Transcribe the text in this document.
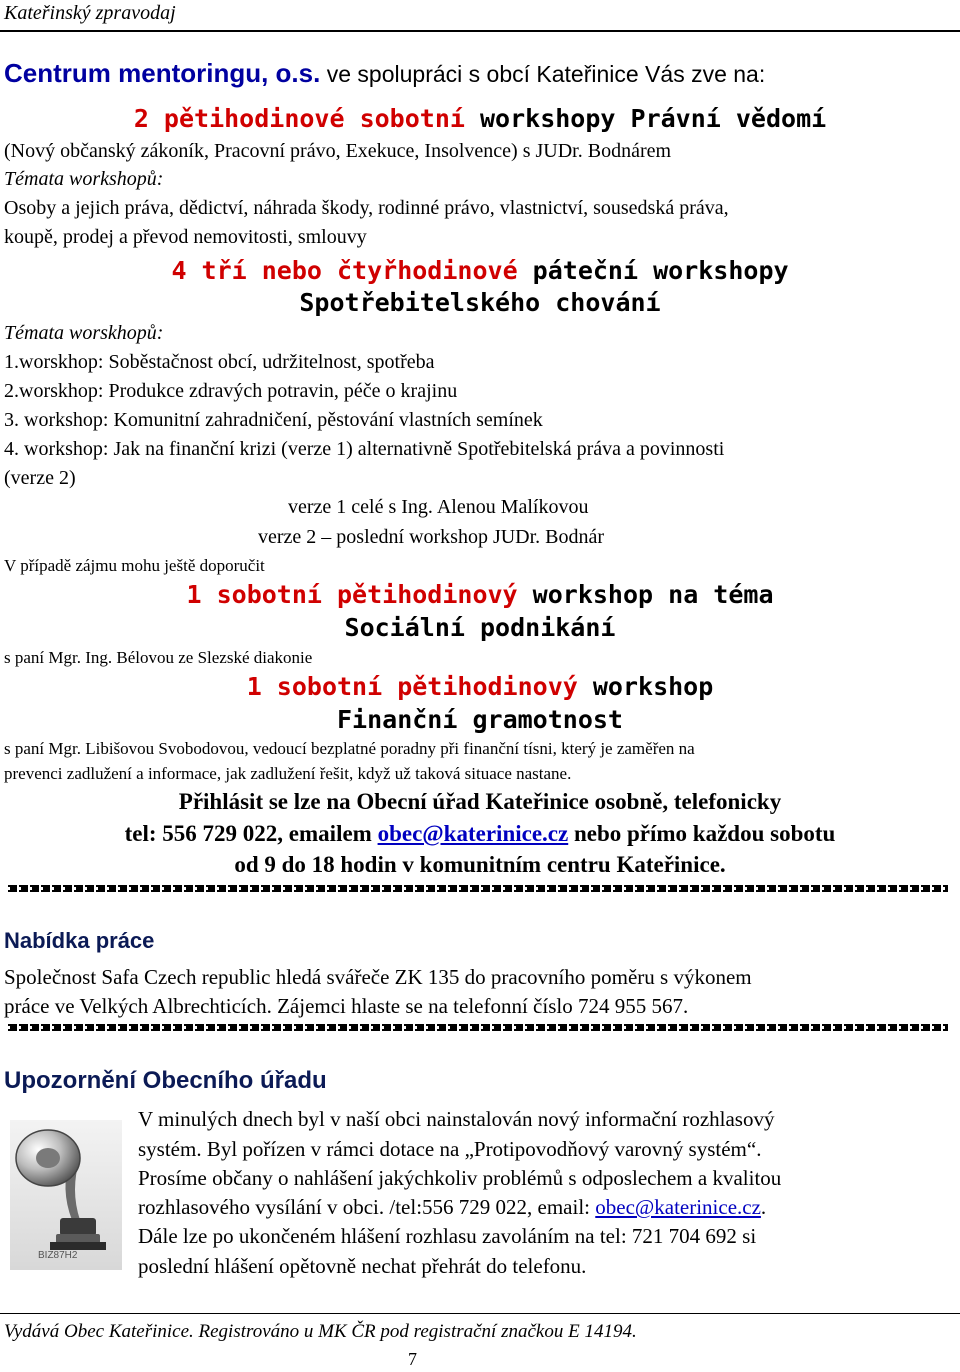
Kateřinský zpravodaj
Centrum mentoringu, o.s. ve spolupráci s obcí Kateřinice Vás zve na:
2 pětihodinové sobotní workshopy Právní vědomí
(Nový občanský zákoník, Pracovní právo, Exekuce, Insolvence) s JUDr. Bodnárem
Témata workshopů:
Osoby a jejich práva, dědictví, náhrada škody, rodinné právo, vlastnictví, sousedská práva,
koupě, prodej a převod nemovitosti, smlouvy
4 tří nebo čtyřhodinové páteční workshopy
Spotřebitelského chování
Témata worskhopů:
1.worskhop: Soběstačnost obcí, udržitelnost, spotřeba
2.worskhop: Produkce zdravých potravin, péče o krajinu
3. workshop: Komunitní zahradničení, pěstování vlastních semínek
4. workshop: Jak na finanční krizi (verze 1) alternativně Spotřebitelská práva a povinnosti
(verze 2)
verze 1 celé s Ing. Alenou Malíkovou
verze 2 – poslední workshop JUDr. Bodnár
V případě zájmu mohu ještě doporučit
1 sobotní pětihodinový workshop na téma
Sociální podnikání
s paní Mgr. Ing. Bélovou ze Slezské diakonie
1 sobotní pětihodinový workshop
Finanční gramotnost
s paní Mgr. Libišovou Svobodovou, vedoucí bezplatné poradny při finanční tísni, který je zaměřen na
prevenci zadlužení a informace, jak zadlužení řešit, když už taková situace nastane.
Přihlásit se lze na Obecní úřad Kateřinice osobně, telefonicky
tel: 556 729 022, emailem obec@katerinice.cz nebo přímo každou sobotu
od 9 do 18 hodin v komunitním centru Kateřinice.
Nabídka práce
Společnost Safa Czech republic hledá svářeče ZK 135 do pracovního poměru s výkonem
práce ve Velkých Albrechticích. Zájemci hlaste se na telefonní číslo 724 955 567.
Upozornění Obecního úřadu
BIZ87H2
V minulých dnech byl v naší obci nainstalován nový informační rozhlasový
systém. Byl pořízen v rámci dotace na „Protipovodňový varovný systém“.
Prosíme občany o nahlášení jakýchkoliv problémů s odposlechem a kvalitou
rozhlasového vysílání v obci. /tel:556 729 022, email: obec@katerinice.cz.
Dále lze po ukončeném hlášení rozhlasu zavoláním na tel: 721 704 692 si
poslední hlášení opětovně nechat přehrát do telefonu.
Vydává Obec Kateřinice. Registrováno u MK ČR pod registrační značkou E 14194.
7
